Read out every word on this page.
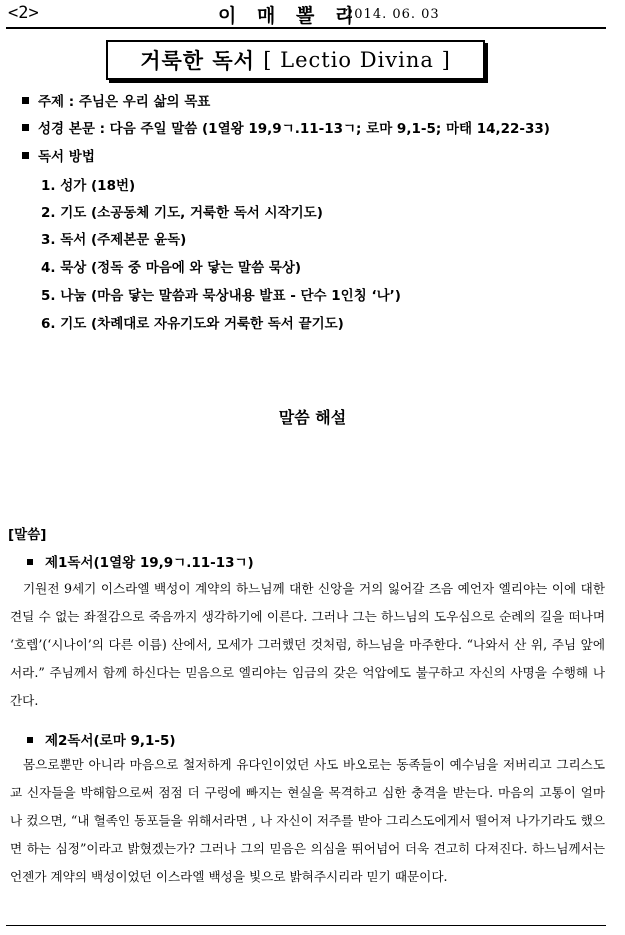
<2>	이 매 뽈 리
2014. 06. 03
거룩한 독서
[ Lectio Divina ]
주제 : 주님은 우리 삶의 목표
성경 본문 : 다음 주일 말씀 (1열왕 19,9ㄱ.11-13ㄱ; 로마 9,1-5; 마태 14,22-33)
독서 방법
1. 성가 (18번)
2. 기도 (소공동체 기도, 거룩한 독서 시작기도)
3. 독서 (주제본문 윤독)
4. 묵상 (정독 중 마음에 와 닿는 말씀 묵상)
5. 나눔 (마음 닿는 말씀과 묵상내용 발표 - 단수 1인칭 ‘나’)
6. 기도 (차례대로 자유기도와 거룩한 독서 끝기도)
말씀 해설
[말씀]
제1독서(1열왕 19,9ㄱ.11-13ㄱ)
기원전 9세기 이스라엘 백성이 계약의 하느님께 대한 신앙을 거의 잃어갈 즈음 예언자 엘리야는 이에 대한 견딜 수 없는 좌절감으로 죽음까지 생각하기에 이른다. 그러나 그는 하느님의 도우심으로 순례의 길을 떠나며 ‘호렙’(‘시나이’의 다른 이름) 산에서, 모세가 그러했던 것처럼, 하느님을 마주한다. “나와서 산 위, 주님 앞에 서라.” 주님께서 함께 하신다는 믿음으로 엘리야는 임금의 갖은 억압에도 불구하고 자신의 사명을 수행해 나간다.
제2독서(로마 9,1-5)
몸으로뿐만 아니라 마음으로 철저하게 유다인이었던 사도 바오로는 동족들이 예수님을 저버리고 그리스도교 신자들을 박해함으로써 점점 더 구렁에 빠지는 현실을 목격하고 심한 충격을 받는다. 마음의 고통이 얼마나 컸으면, “내 혈족인 동포들을 위해서라면 , 나 자신이 저주를 받아 그리스도에게서 떨어져 나가기라도 했으면 하는 심정”이라고 밝혔겠는가? 그러나 그의 믿음은 의심을 뛰어넘어 더욱 견고히 다져진다. 하느님께서는 언젠가 계약의 백성이었던 이스라엘 백성을 빛으로 밝혀주시리라 믿기 때문이다.
